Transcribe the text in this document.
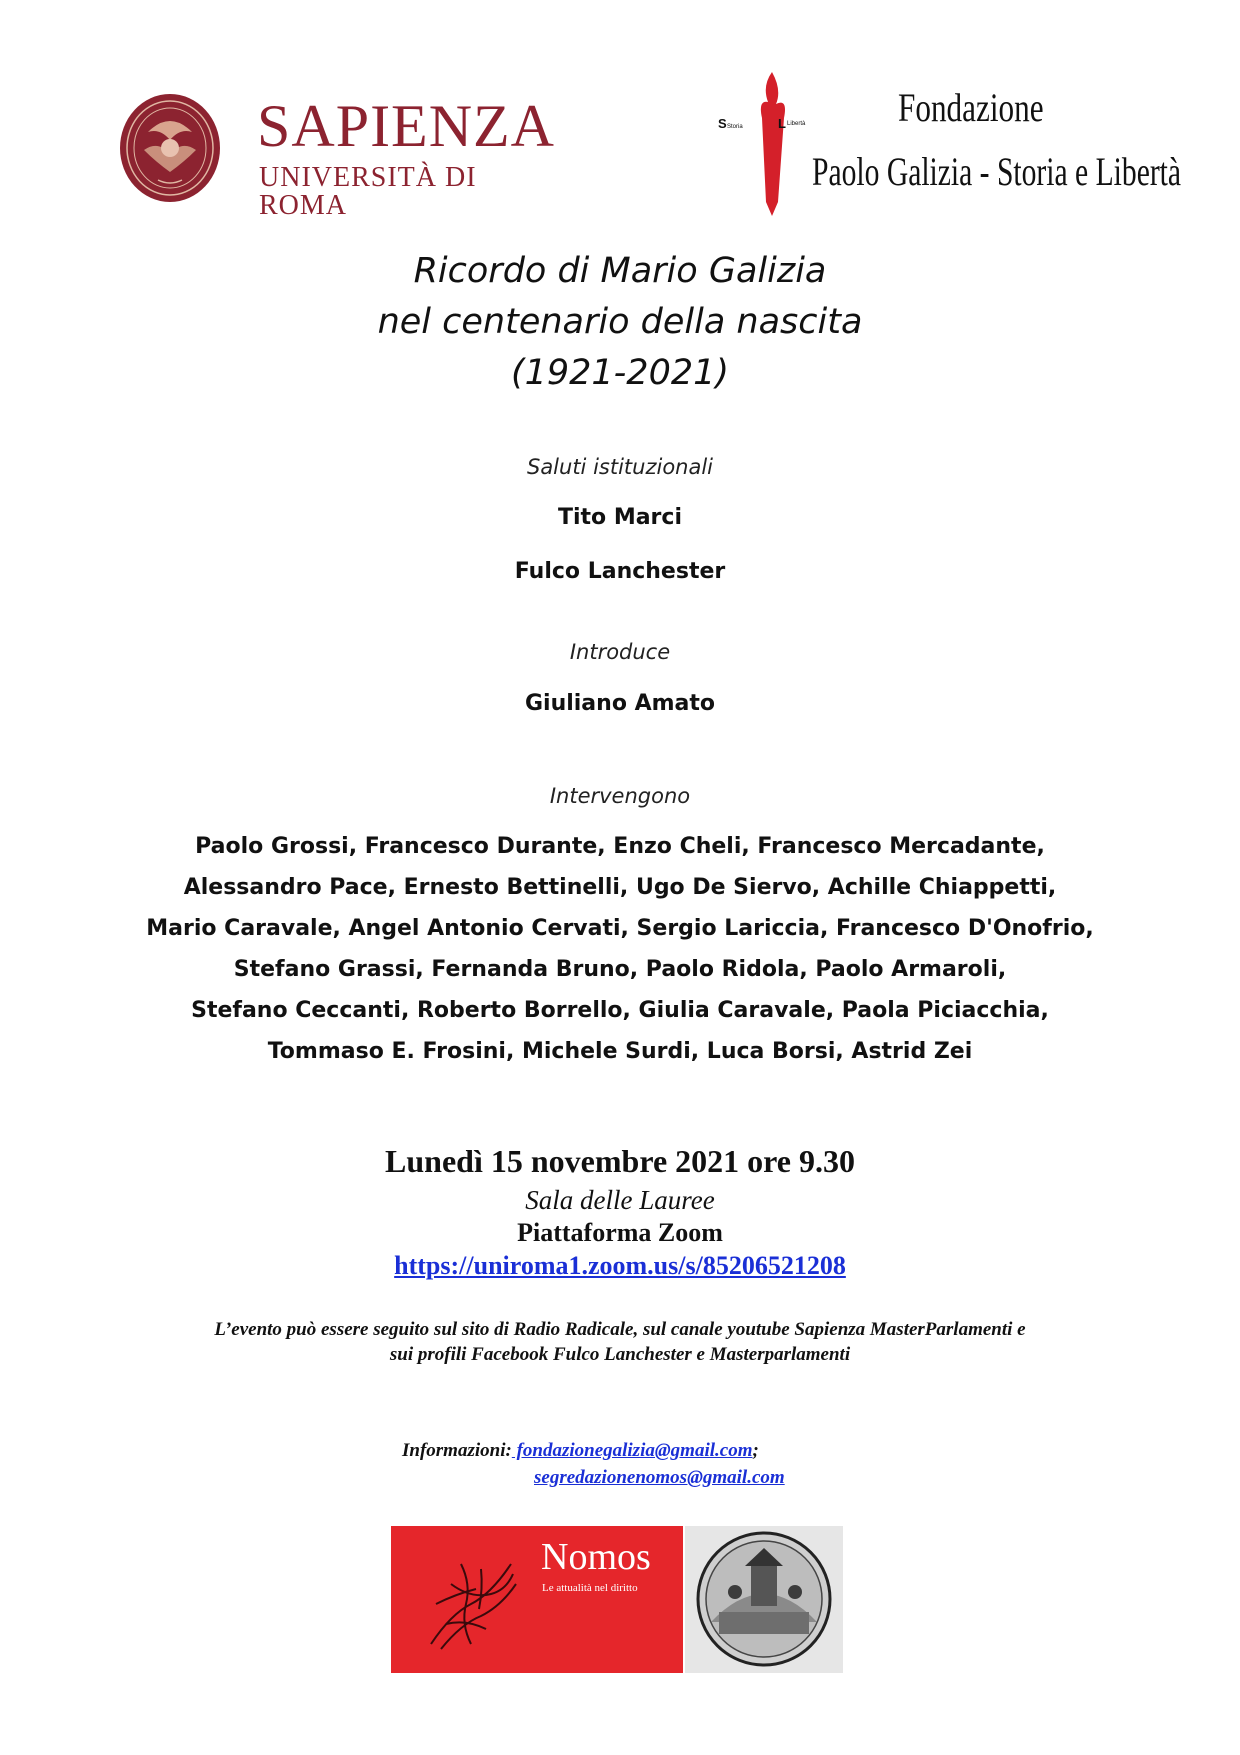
SAPIENZA
UNIVERSITÀ DI ROMA
S Storia	L Libertà Fondazione
Paolo Galizia - Storia e Libertà
Ricordo di Mario Galizia
nel centenario della nascita
(1921-2021)
Saluti istituzionali
Tito Marci
Fulco Lanchester
Introduce
Giuliano Amato
Intervengono
Paolo Grossi, Francesco Durante, Enzo Cheli, Francesco Mercadante,
Alessandro Pace, Ernesto Bettinelli, Ugo De Siervo, Achille Chiappetti,
Mario Caravale, Angel Antonio Cervati, Sergio Lariccia, Francesco D'Onofrio,
Stefano Grassi, Fernanda Bruno, Paolo Ridola, Paolo Armaroli,
Stefano Ceccanti, Roberto Borrello, Giulia Caravale, Paola Piciacchia,
Tommaso E. Frosini, Michele Surdi, Luca Borsi, Astrid Zei
Lunedì 15 novembre 2021 ore 9.30
Sala delle Lauree
Piattaforma Zoom
https://uniroma1.zoom.us/s/85206521208
L’evento può essere seguito sul sito di Radio Radicale, sul canale youtube Sapienza MasterParlamenti e
sui profili Facebook Fulco Lanchester e Masterparlamenti
Informazioni: fondazionegalizia@gmail.com;
segredazionenomos@gmail.com
Nomos
Le attualità nel diritto
